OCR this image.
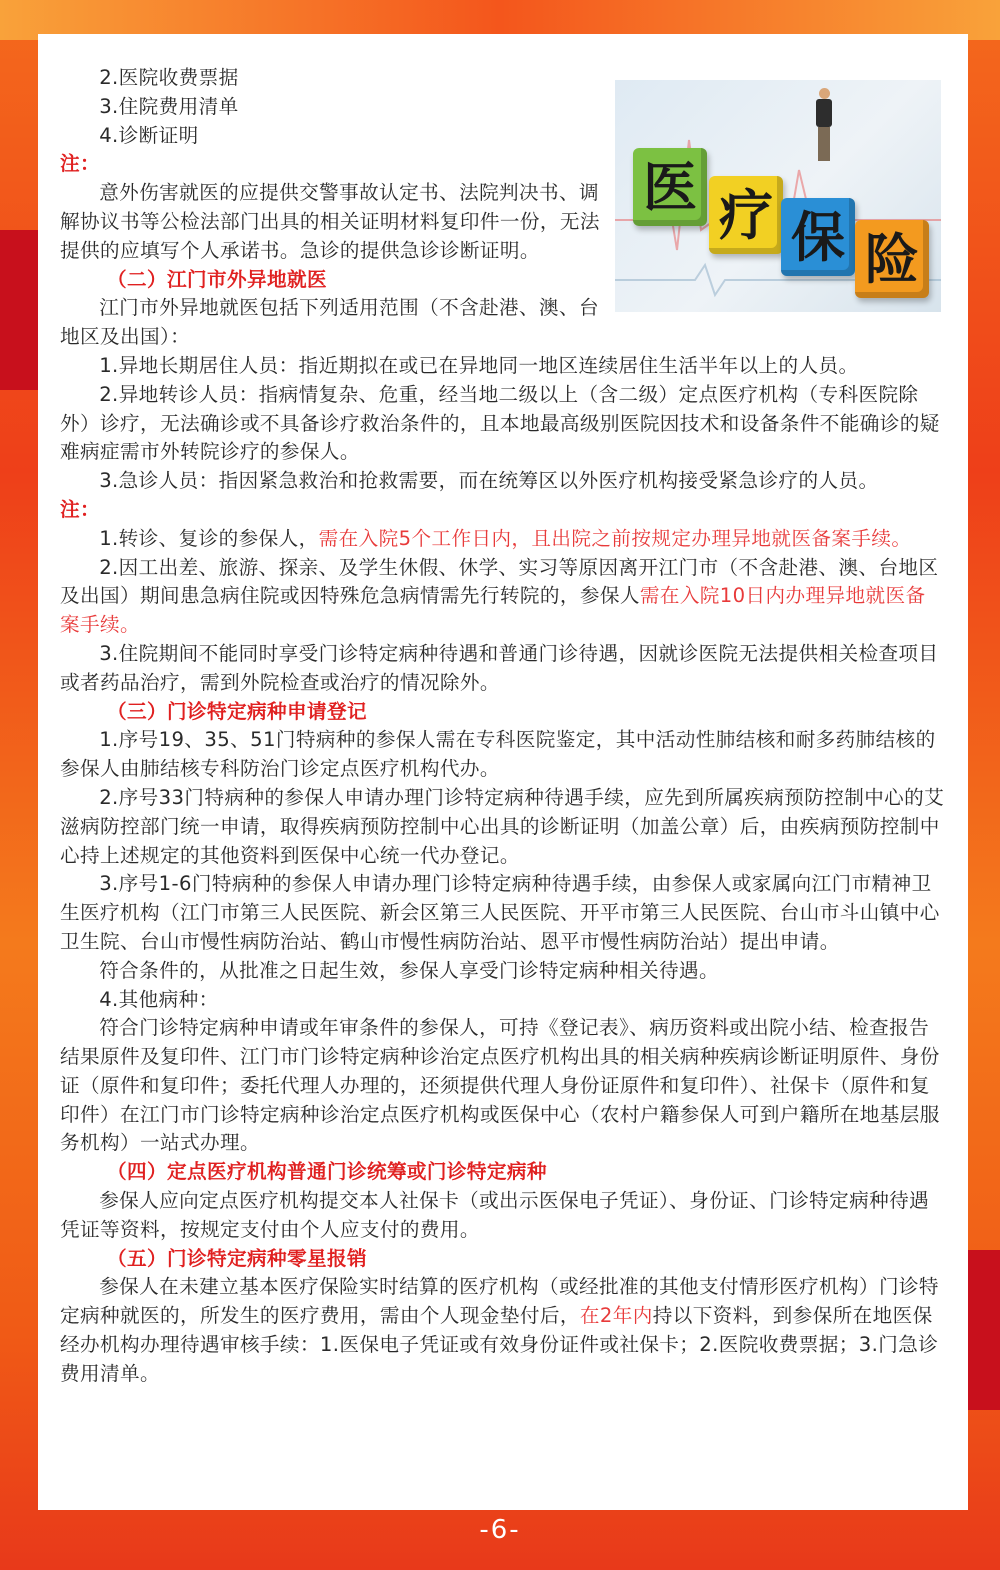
医 疗 保 险

2.医院收费票据

3.住院费用清单

4.诊断证明

注：

意外伤害就医的应提供交警事故认定书、法院判决书、调解协议书等公检法部门出具的相关证明材料复印件一份，无法提供的应填写个人承诺书。急诊的提供急诊诊断证明。

（二）江门市外异地就医

江门市外异地就医包括下列适用范围（不含赴港、澳、台地区及出国）：

1.异地长期居住人员：指近期拟在或已在异地同一地区连续居住生活半年以上的人员。

2.异地转诊人员：指病情复杂、危重，经当地二级以上（含二级）定点医疗机构（专科医院除外）诊疗，无法确诊或不具备诊疗救治条件的，且本地最高级别医院因技术和设备条件不能确诊的疑难病症需市外转院诊疗的参保人。

3.急诊人员：指因紧急救治和抢救需要，而在统筹区以外医疗机构接受紧急诊疗的人员。

注：

1.转诊、复诊的参保人，需在入院5个工作日内，且出院之前按规定办理异地就医备案手续。

2.因工出差、旅游、探亲、及学生休假、休学、实习等原因离开江门市（不含赴港、澳、台地区及出国）期间患急病住院或因特殊危急病情需先行转院的，参保人需在入院10日内办理异地就医备案手续。

3.住院期间不能同时享受门诊特定病种待遇和普通门诊待遇，因就诊医院无法提供相关检查项目或者药品治疗，需到外院检查或治疗的情况除外。

（三）门诊特定病种申请登记

1.序号19、35、51门特病种的参保人需在专科医院鉴定，其中活动性肺结核和耐多药肺结核的参保人由肺结核专科防治门诊定点医疗机构代办。

2.序号33门特病种的参保人申请办理门诊特定病种待遇手续，应先到所属疾病预防控制中心的艾滋病防控部门统一申请，取得疾病预防控制中心出具的诊断证明（加盖公章）后，由疾病预防控制中心持上述规定的其他资料到医保中心统一代办登记。

3.序号1-6门特病种的参保人申请办理门诊特定病种待遇手续，由参保人或家属向江门市精神卫生医疗机构（江门市第三人民医院、新会区第三人民医院、开平市第三人民医院、台山市斗山镇中心卫生院、台山市慢性病防治站、鹤山市慢性病防治站、恩平市慢性病防治站）提出申请。

符合条件的，从批准之日起生效，参保人享受门诊特定病种相关待遇。

4.其他病种：

符合门诊特定病种申请或年审条件的参保人，可持《登记表》、病历资料或出院小结、检查报告结果原件及复印件、江门市门诊特定病种诊治定点医疗机构出具的相关病种疾病诊断证明原件、身份证（原件和复印件；委托代理人办理的，还须提供代理人身份证原件和复印件）、社保卡（原件和复印件）在江门市门诊特定病种诊治定点医疗机构或医保中心（农村户籍参保人可到户籍所在地基层服务机构）一站式办理。

（四）定点医疗机构普通门诊统筹或门诊特定病种

参保人应向定点医疗机构提交本人社保卡（或出示医保电子凭证）、身份证、门诊特定病种待遇凭证等资料，按规定支付由个人应支付的费用。

（五）门诊特定病种零星报销

参保人在未建立基本医疗保险实时结算的医疗机构（或经批准的其他支付情形医疗机构）门诊特定病种就医的，所发生的医疗费用，需由个人现金垫付后，在2年内持以下资料，到参保所在地医保经办机构办理待遇审核手续：1.医保电子凭证或有效身份证件或社保卡；2.医院收费票据；3.门急诊费用清单。

-6-
